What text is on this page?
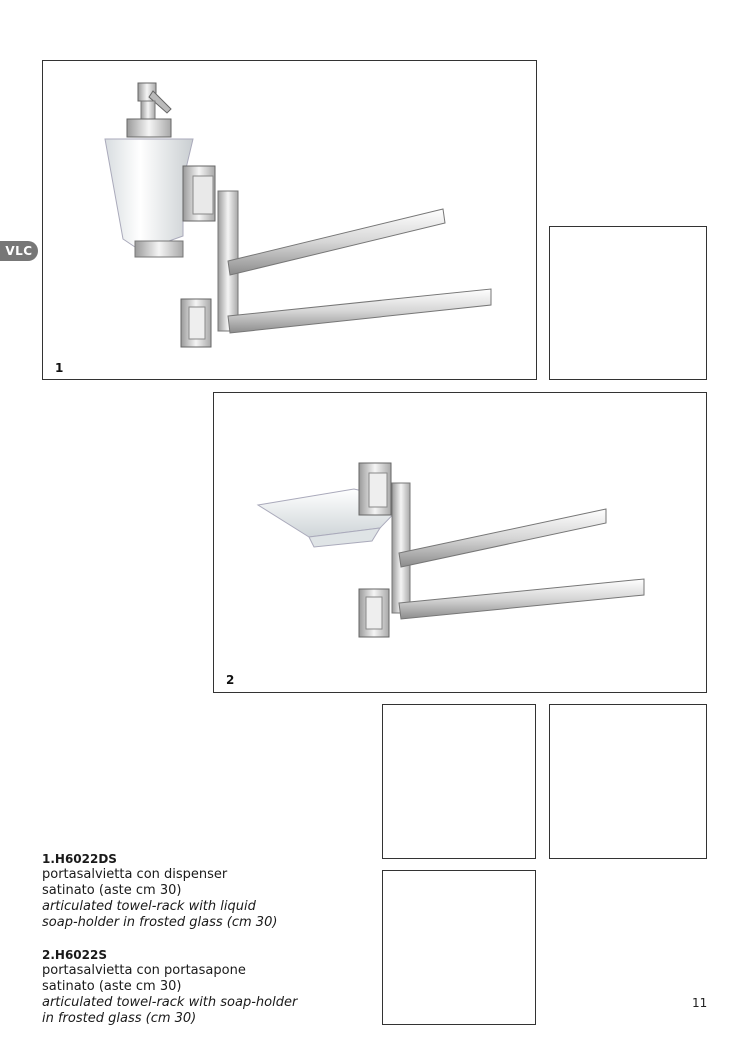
VLC
1
2
1.H6022DS
portasalvietta con dispenser
satinato (aste cm 30)
articulated towel-rack with liquid
soap-holder in frosted glass (cm 30)
2.H6022S
portasalvietta con portasapone
satinato (aste cm 30)
articulated towel-rack with soap-holder
in frosted glass (cm 30)
11
